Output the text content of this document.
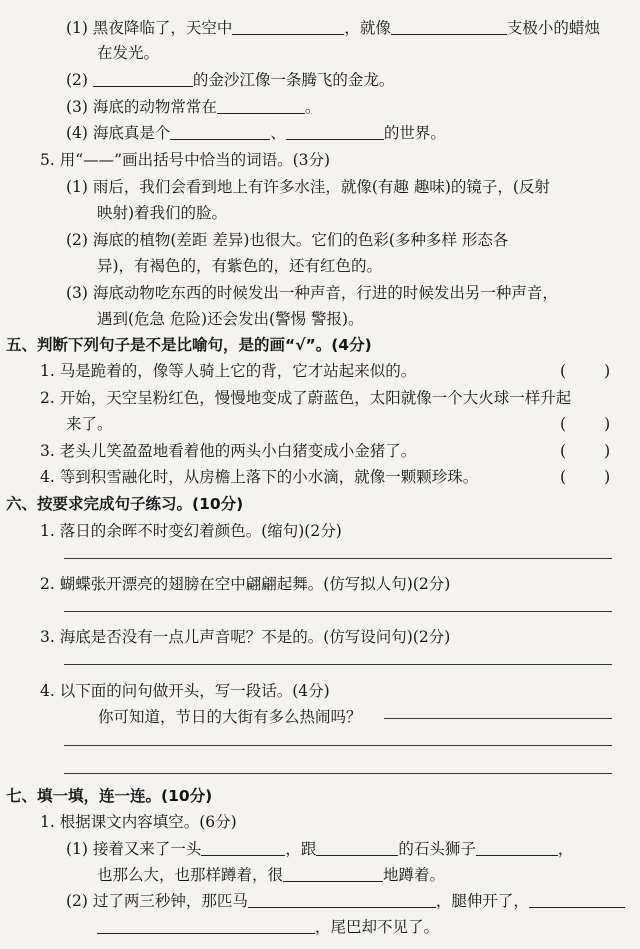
(1) 黑夜降临了，天空中	，就像	支极小的蜡烛
在发光。
(2)	的金沙江像一条腾飞的金龙。
(3) 海底的动物常常在	。
(4) 海底真是个	、	的世界。
5. 用“——”画出括号中恰当的词语。(3分)
(1) 雨后，我们会看到地上有许多水洼，就像(有趣 趣味)的镜子，(反射
映射)着我们的脸。
(2) 海底的植物(差距 差异)也很大。它们的色彩(多种多样 形态各
异)，有褐色的，有紫色的，还有红色的。
(3) 海底动物吃东西的时候发出一种声音，行进的时候发出另一种声音，
遇到(危急 危险)还会发出(警惕 警报)。
五、判断下列句子是不是比喻句，是的画“√”。(4分)
1. 马是跪着的，像等人骑上它的背，它才站起来似的。	( )
2. 开始，天空呈粉红色，慢慢地变成了蔚蓝色，太阳就像一个大火球一样升起
来了。	( )
3. 老头儿笑盈盈地看着他的两头小白猪变成小金猪了。	( )
4. 等到积雪融化时，从房檐上落下的小水滴，就像一颗颗珍珠。	( )
六、按要求完成句子练习。(10分)
1. 落日的余晖不时变幻着颜色。(缩句)(2分)
2. 蝴蝶张开漂亮的翅膀在空中翩翩起舞。(仿写拟人句)(2分)
3. 海底是否没有一点儿声音呢？不是的。(仿写设问句)(2分)
4. 以下面的问句做开头，写一段话。(4分)
你可知道，节日的大街有多么热闹吗？
七、填一填，连一连。(10分)
1. 根据课文内容填空。(6分)
(1) 接着又来了一头	，跟	的石头狮子	，
也那么大，也那样蹲着，很	地蹲着。
(2) 过了两三秒钟，那匹马	，腿伸开了，
，尾巴却不见了。
